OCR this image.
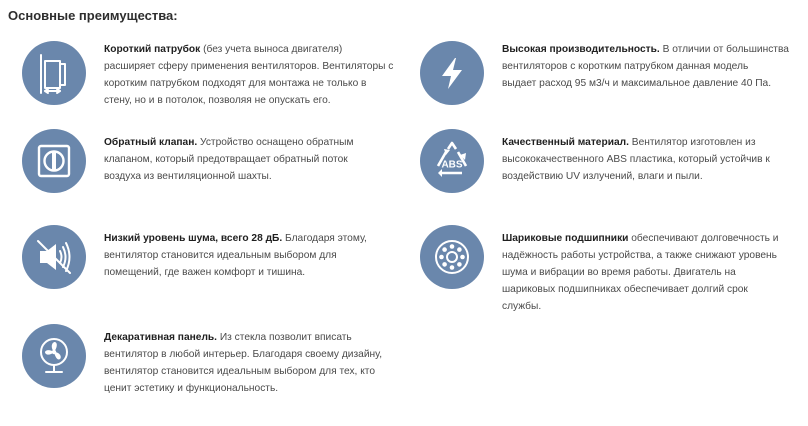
Основные преимущества:
Короткий патрубок (без учета выноса двигателя)
расширяет сферу применения вентиляторов. Вентиляторы с
коротким патрубком подходят для монтажа не только в
стену, но и в потолок, позволяя не опускать его.
Высокая производительность. В отличии от большинства
вентиляторов с коротким патрубком данная модель
выдает расход 95 м3/ч и максимальное давление 40 Па.
Обратный клапан. Устройство оснащено обратным
клапаном, который предотвращает обратный поток
воздуха из вентиляционной шахты.
ABS
Качественный материал. Вентилятор изготовлен из
высококачественного ABS пластика, который устойчив к
воздействию UV излучений, влаги и пыли.
Низкий уровень шума, всего 28 дБ. Благодаря этому,
вентилятор становится идеальным выбором для
помещений, где важен комфорт и тишина.
Шариковые подшипники обеспечивают долговечность и
надёжность работы устройства, а также снижают уровень
шума и вибрации во время работы. Двигатель на
шариковых подшипниках обеспечивает долгий срок
службы.
Декаративная панель. Из стекла позволит вписать
вентилятор в любой интерьер. Благодаря своему дизайну,
вентилятор становится идеальным выбором для тех, кто
ценит эстетику и функциональность.
